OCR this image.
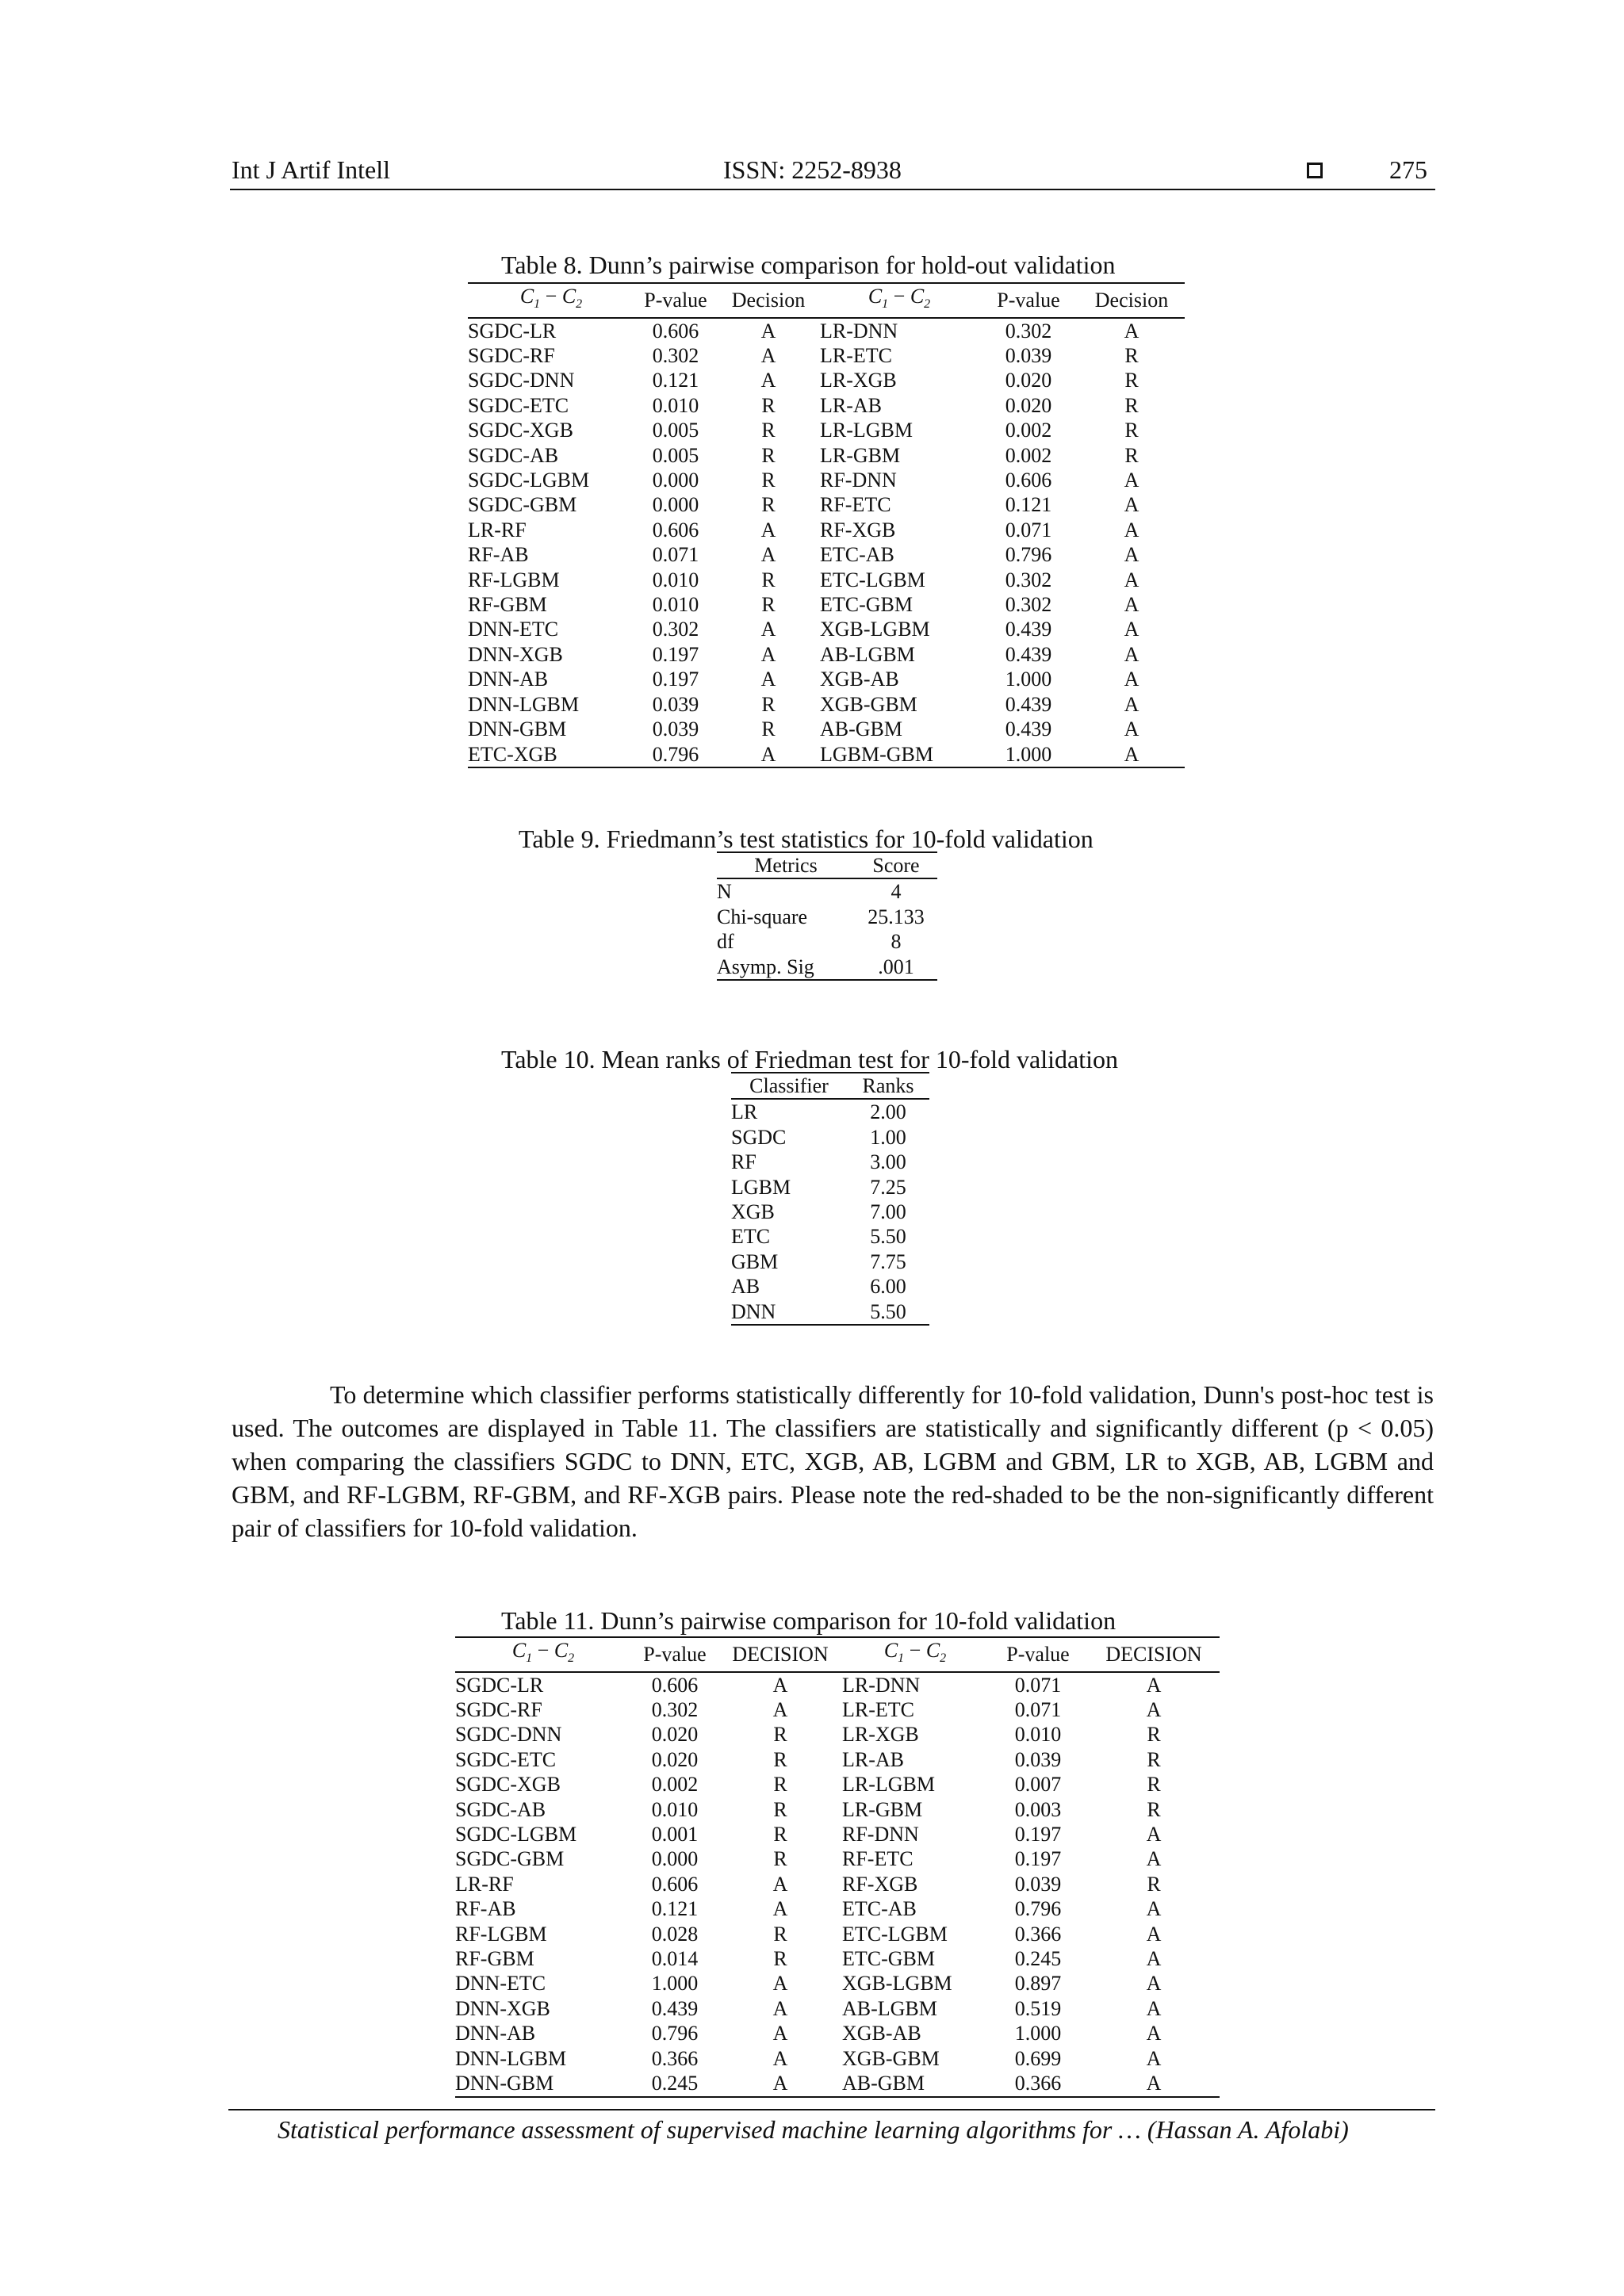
Int J Artif Intell	ISSN: 2252-8938	275
Table 8. Dunn’s pairwise comparison for hold-out validation
$C_1 - C_2$	P-value	Decision	$C_1 - C_2$	P-value	Decision
SGDC-LR	0.606	A	LR-DNN	0.302	A
SGDC-RF	0.302	A	LR-ETC	0.039	R
SGDC-DNN	0.121	A	LR-XGB	0.020	R
SGDC-ETC	0.010	R	LR-AB	0.020	R
SGDC-XGB	0.005	R	LR-LGBM	0.002	R
SGDC-AB	0.005	R	LR-GBM	0.002	R
SGDC-LGBM	0.000	R	RF-DNN	0.606	A
SGDC-GBM	0.000	R	RF-ETC	0.121	A
LR-RF	0.606	A	RF-XGB	0.071	A
RF-AB	0.071	A	ETC-AB	0.796	A
RF-LGBM	0.010	R	ETC-LGBM	0.302	A
RF-GBM	0.010	R	ETC-GBM	0.302	A
DNN-ETC	0.302	A	XGB-LGBM	0.439	A
DNN-XGB	0.197	A	AB-LGBM	0.439	A
DNN-AB	0.197	A	XGB-AB	1.000	A
DNN-LGBM	0.039	R	XGB-GBM	0.439	A
DNN-GBM	0.039	R	AB-GBM	0.439	A
ETC-XGB	0.796	A	LGBM-GBM	1.000	A
Table 9. Friedmann’s test statistics for 10-fold validation
Metrics	Score
N	4
Chi-square	25.133
df	8
Asymp. Sig	.001
Table 10. Mean ranks of Friedman test for 10-fold validation
Classifier	Ranks
LR	2.00
SGDC	1.00
RF	3.00
LGBM	7.25
XGB	7.00
ETC	5.50
GBM	7.75
AB	6.00
DNN	5.50
To determine which classifier performs statistically differently for 10-fold validation, Dunn's post-hoc test is used. The outcomes are displayed in Table 11. The classifiers are statistically and significantly different (p < 0.05) when comparing the classifiers SGDC to DNN, ETC, XGB, AB, LGBM and GBM, LR to XGB, AB, LGBM and GBM, and RF-LGBM, RF-GBM, and RF-XGB pairs. Please note the red-shaded to be the non-significantly different pair of classifiers for 10-fold validation.
Table 11. Dunn’s pairwise comparison for 10-fold validation
$C_1 - C_2$	P-value	DECISION	$C_1 - C_2$	P-value	DECISION
SGDC-LR	0.606	A	LR-DNN	0.071	A
SGDC-RF	0.302	A	LR-ETC	0.071	A
SGDC-DNN	0.020	R	LR-XGB	0.010	R
SGDC-ETC	0.020	R	LR-AB	0.039	R
SGDC-XGB	0.002	R	LR-LGBM	0.007	R
SGDC-AB	0.010	R	LR-GBM	0.003	R
SGDC-LGBM	0.001	R	RF-DNN	0.197	A
SGDC-GBM	0.000	R	RF-ETC	0.197	A
LR-RF	0.606	A	RF-XGB	0.039	R
RF-AB	0.121	A	ETC-AB	0.796	A
RF-LGBM	0.028	R	ETC-LGBM	0.366	A
RF-GBM	0.014	R	ETC-GBM	0.245	A
DNN-ETC	1.000	A	XGB-LGBM	0.897	A
DNN-XGB	0.439	A	AB-LGBM	0.519	A
DNN-AB	0.796	A	XGB-AB	1.000	A
DNN-LGBM	0.366	A	XGB-GBM	0.699	A
DNN-GBM	0.245	A	AB-GBM	0.366	A
Statistical performance assessment of supervised machine learning algorithms for … (Hassan A. Afolabi)
